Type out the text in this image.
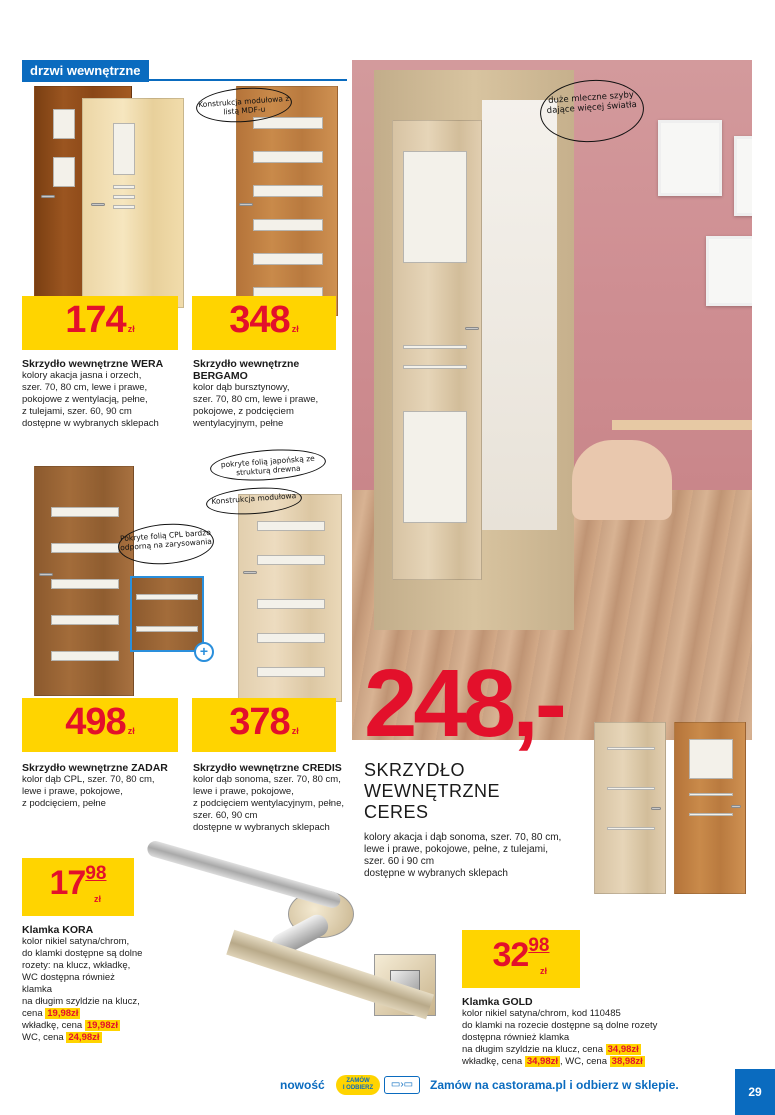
drzwi wewnętrzne
174 zł
Skrzydło wewnętrzne WERA
kolory akacja jasna i orzech,
szer. 70, 80 cm, lewe i prawe,
pokojowe z wentylacją, pełne,
z tulejami, szer. 60, 90 cm
dostępne w wybranych sklepach
Konstrukcja modułowa z listą MDF-u
348 zł
Skrzydło wewnętrzne
BERGAMO
kolor dąb bursztynowy,
szer. 70, 80 cm, lewe i prawe,
pokojowe, z podcięciem
wentylacyjnym, pełne
+
Pokryte folią CPL bardzo odporną na zarysowania
498 zł
Skrzydło wewnętrzne ZADAR
kolor dąb CPL, szer. 70, 80 cm,
lewe i prawe, pokojowe,
z podcięciem, pełne
pokryte folią japońską ze strukturą drewna
Konstrukcja modułowa
378 zł
Skrzydło wewnętrzne CREDIS
kolor dąb sonoma, szer. 70, 80 cm,
lewe i prawe, pokojowe,
z podcięciem wentylacyjnym, pełne,
szer. 60, 90 cm
dostępne w wybranych sklepach
duże mleczne szyby dające więcej światła
248,-
SKRZYDŁO
WEWNĘTRZNE
CERES
kolory akacja i dąb sonoma, szer. 70, 80 cm,
lewe i prawe, pokojowe, pełne, z tulejami,
szer. 60 i 90 cm
dostępne w wybranych sklepach
17 98
zł
Klamka KORA
kolor nikiel satyna/chrom,
do klamki dostępne są dolne
rozety: na klucz, wkładkę,
WC dostępna również
klamka
na długim szyldzie na klucz,
cena 19,98zł
wkładkę, cena 19,98zł
WC, cena 24,98zł
32 98
zł
Klamka GOLD
kolor nikiel satyna/chrom, kod 110485
do klamki na rozecie dostępne są dolne rozety
dostępna również klamka
na długim szyldzie na klucz, cena 34,98zł
wkładkę, cena 34,98zł , WC, cena 38,98zł
nowość	ZAMÓW
I ODBIERZ	▭›▭	Zamów na castorama.pl i odbierz w sklepie.	29
